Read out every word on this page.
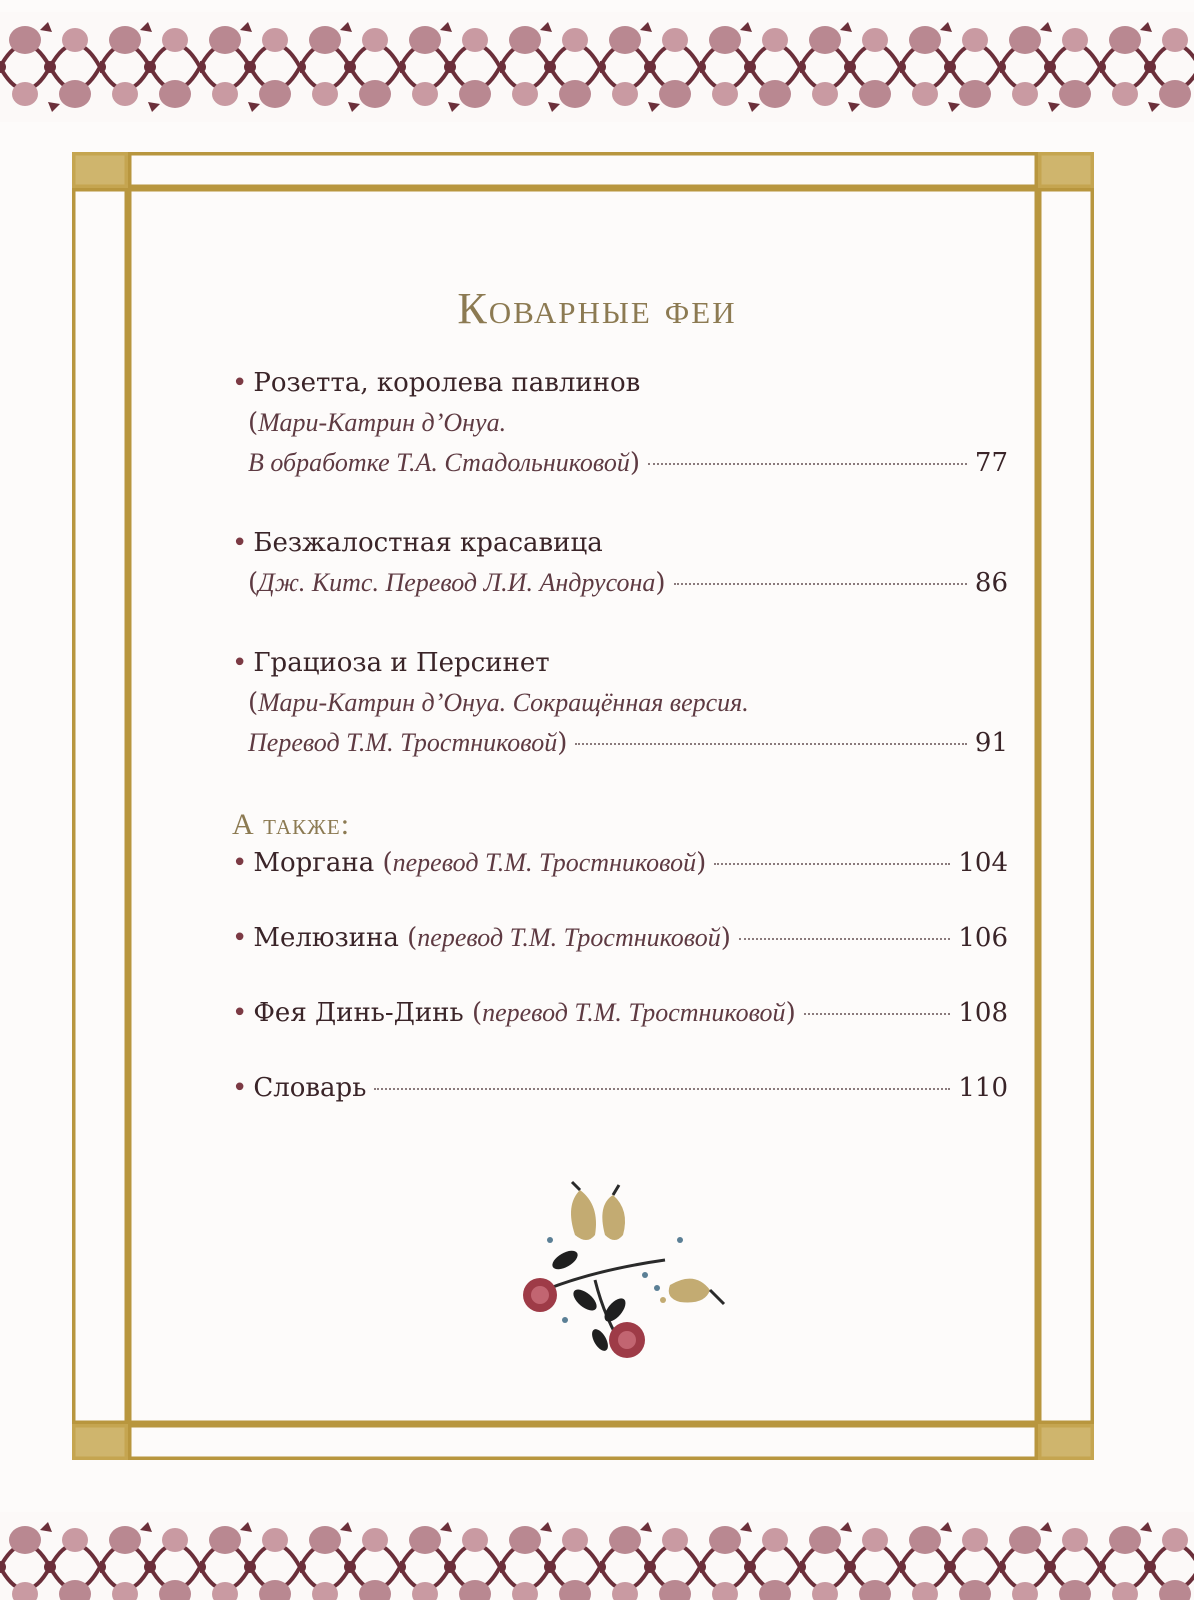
Коварные феи
• Розетта, королева павлинов
(Мари-Катрин д’Онуа.
В обработке Т.А. Стадольниковой)	77
• Безжалостная красавица
(Дж. Китс. Перевод Л.И. Андрусона)	86
• Грациоза и Персинет
(Мари-Катрин д’Онуа. Сокращённая версия.
Перевод Т.М. Тростниковой)	91
А также:
• Моргана (перевод Т.М. Тростниковой)	104
• Мелюзина (перевод Т.М. Тростниковой)	106
• Фея Динь-Динь (перевод Т.М. Тростниковой)	108
• Словарь	110
